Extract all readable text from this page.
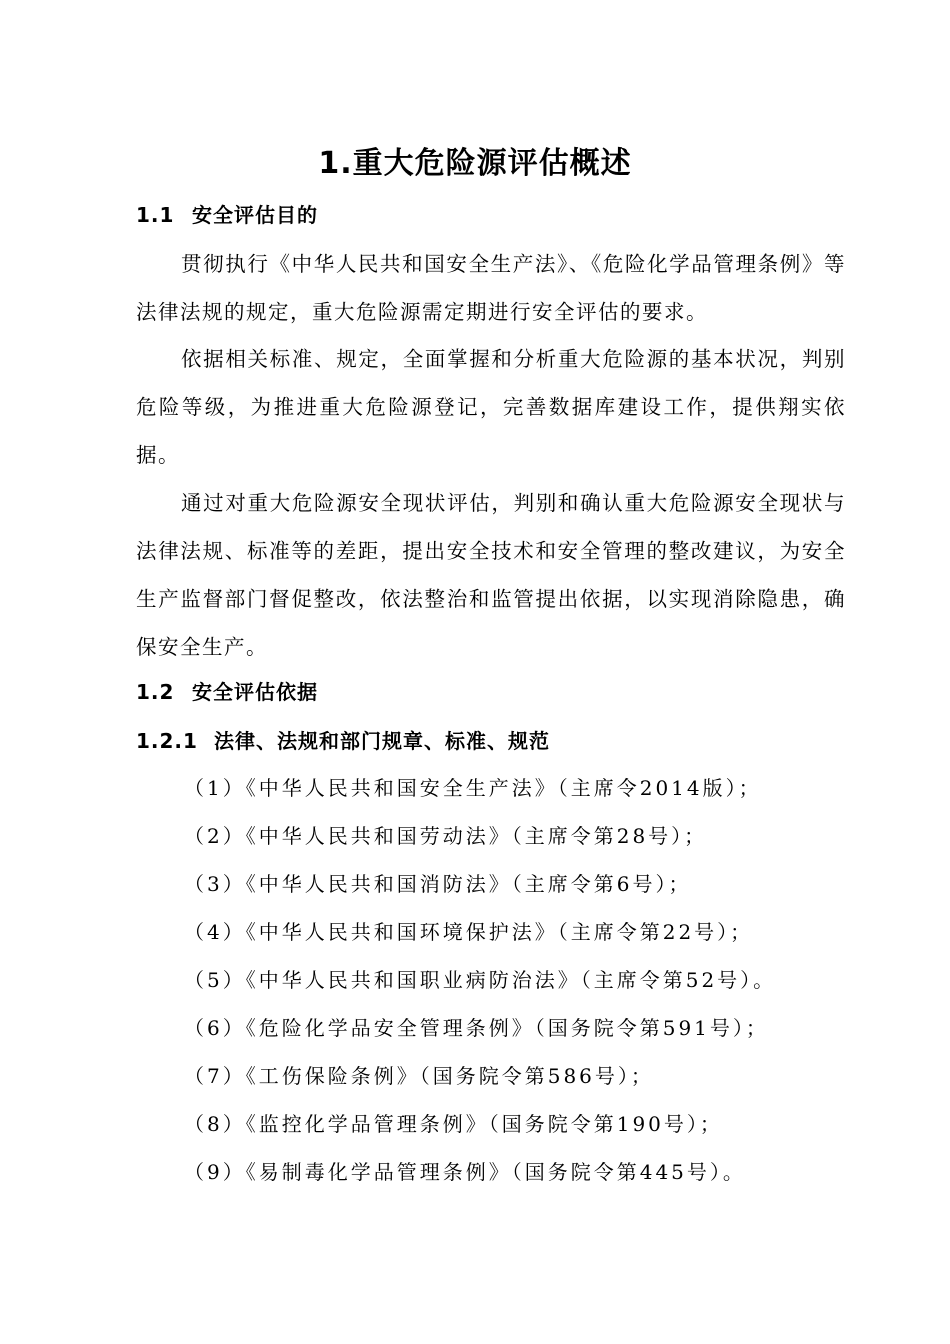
1.重大危险源评估概述
1.1 安全评估目的
贯彻执行《中华人民共和国安全生产法》、《危险化学品管理条例》等法律法规的规定，重大危险源需定期进行安全评估的要求。
依据相关标准、规定，全面掌握和分析重大危险源的基本状况，判别危险等级，为推进重大危险源登记，完善数据库建设工作，提供翔实依据。
通过对重大危险源安全现状评估，判别和确认重大危险源安全现状与法律法规、标准等的差距，提出安全技术和安全管理的整改建议，为安全生产监督部门督促整改，依法整治和监管提出依据，以实现消除隐患，确保安全生产。
1.2 安全评估依据
1.2.1 法律、法规和部门规章、标准、规范
（1）《中华人民共和国安全生产法》（主席令2014版）；
（2）《中华人民共和国劳动法》（主席令第28号）；
（3）《中华人民共和国消防法》（主席令第6号）；
（4）《中华人民共和国环境保护法》（主席令第22号）；
（5）《中华人民共和国职业病防治法》（主席令第52号）。
（6）《危险化学品安全管理条例》（国务院令第591号）；
（7）《工伤保险条例》（国务院令第586号）；
（8）《监控化学品管理条例》（国务院令第190号）；
（9）《易制毒化学品管理条例》（国务院令第445号）。
